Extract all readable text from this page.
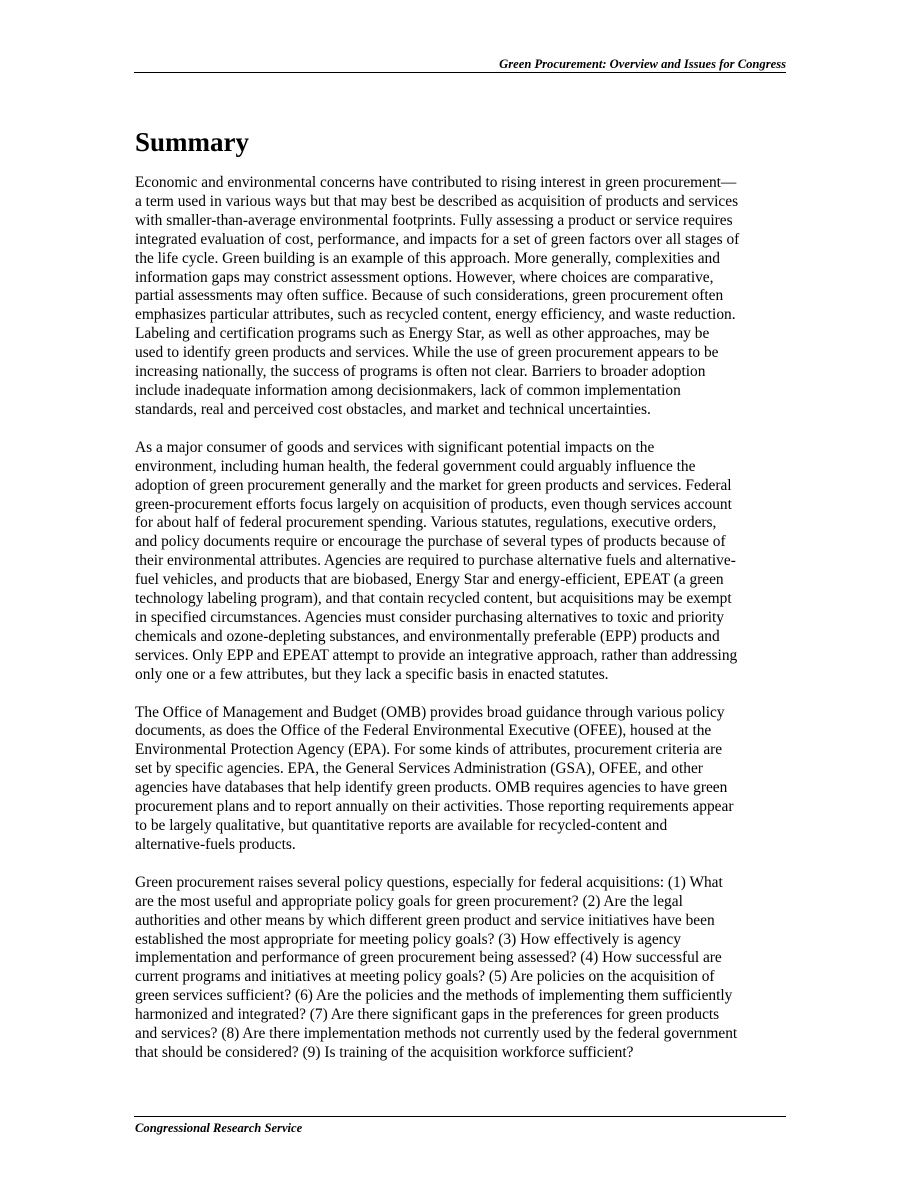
Green Procurement: Overview and Issues for Congress
Summary

Economic and environmental concerns have contributed to rising interest in green procurement—
a term used in various ways but that may best be described as acquisition of products and services
with smaller-than-average environmental footprints. Fully assessing a product or service requires
integrated evaluation of cost, performance, and impacts for a set of green factors over all stages of
the life cycle. Green building is an example of this approach. More generally, complexities and
information gaps may constrict assessment options. However, where choices are comparative,
partial assessments may often suffice. Because of such considerations, green procurement often
emphasizes particular attributes, such as recycled content, energy efficiency, and waste reduction.
Labeling and certification programs such as Energy Star, as well as other approaches, may be
used to identify green products and services. While the use of green procurement appears to be
increasing nationally, the success of programs is often not clear. Barriers to broader adoption
include inadequate information among decisionmakers, lack of common implementation
standards, real and perceived cost obstacles, and market and technical uncertainties.

As a major consumer of goods and services with significant potential impacts on the
environment, including human health, the federal government could arguably influence the
adoption of green procurement generally and the market for green products and services. Federal
green-procurement efforts focus largely on acquisition of products, even though services account
for about half of federal procurement spending. Various statutes, regulations, executive orders,
and policy documents require or encourage the purchase of several types of products because of
their environmental attributes. Agencies are required to purchase alternative fuels and alternative-
fuel vehicles, and products that are biobased, Energy Star and energy-efficient, EPEAT (a green
technology labeling program), and that contain recycled content, but acquisitions may be exempt
in specified circumstances. Agencies must consider purchasing alternatives to toxic and priority
chemicals and ozone-depleting substances, and environmentally preferable (EPP) products and
services. Only EPP and EPEAT attempt to provide an integrative approach, rather than addressing
only one or a few attributes, but they lack a specific basis in enacted statutes.

The Office of Management and Budget (OMB) provides broad guidance through various policy
documents, as does the Office of the Federal Environmental Executive (OFEE), housed at the
Environmental Protection Agency (EPA). For some kinds of attributes, procurement criteria are
set by specific agencies. EPA, the General Services Administration (GSA), OFEE, and other
agencies have databases that help identify green products. OMB requires agencies to have green
procurement plans and to report annually on their activities. Those reporting requirements appear
to be largely qualitative, but quantitative reports are available for recycled-content and
alternative-fuels products.

Green procurement raises several policy questions, especially for federal acquisitions: (1) What
are the most useful and appropriate policy goals for green procurement? (2) Are the legal
authorities and other means by which different green product and service initiatives have been
established the most appropriate for meeting policy goals? (3) How effectively is agency
implementation and performance of green procurement being assessed? (4) How successful are
current programs and initiatives at meeting policy goals? (5) Are policies on the acquisition of
green services sufficient? (6) Are the policies and the methods of implementing them sufficiently
harmonized and integrated? (7) Are there significant gaps in the preferences for green products
and services? (8) Are there implementation methods not currently used by the federal government
that should be considered? (9) Is training of the acquisition workforce sufficient?

Congressional Research Service
